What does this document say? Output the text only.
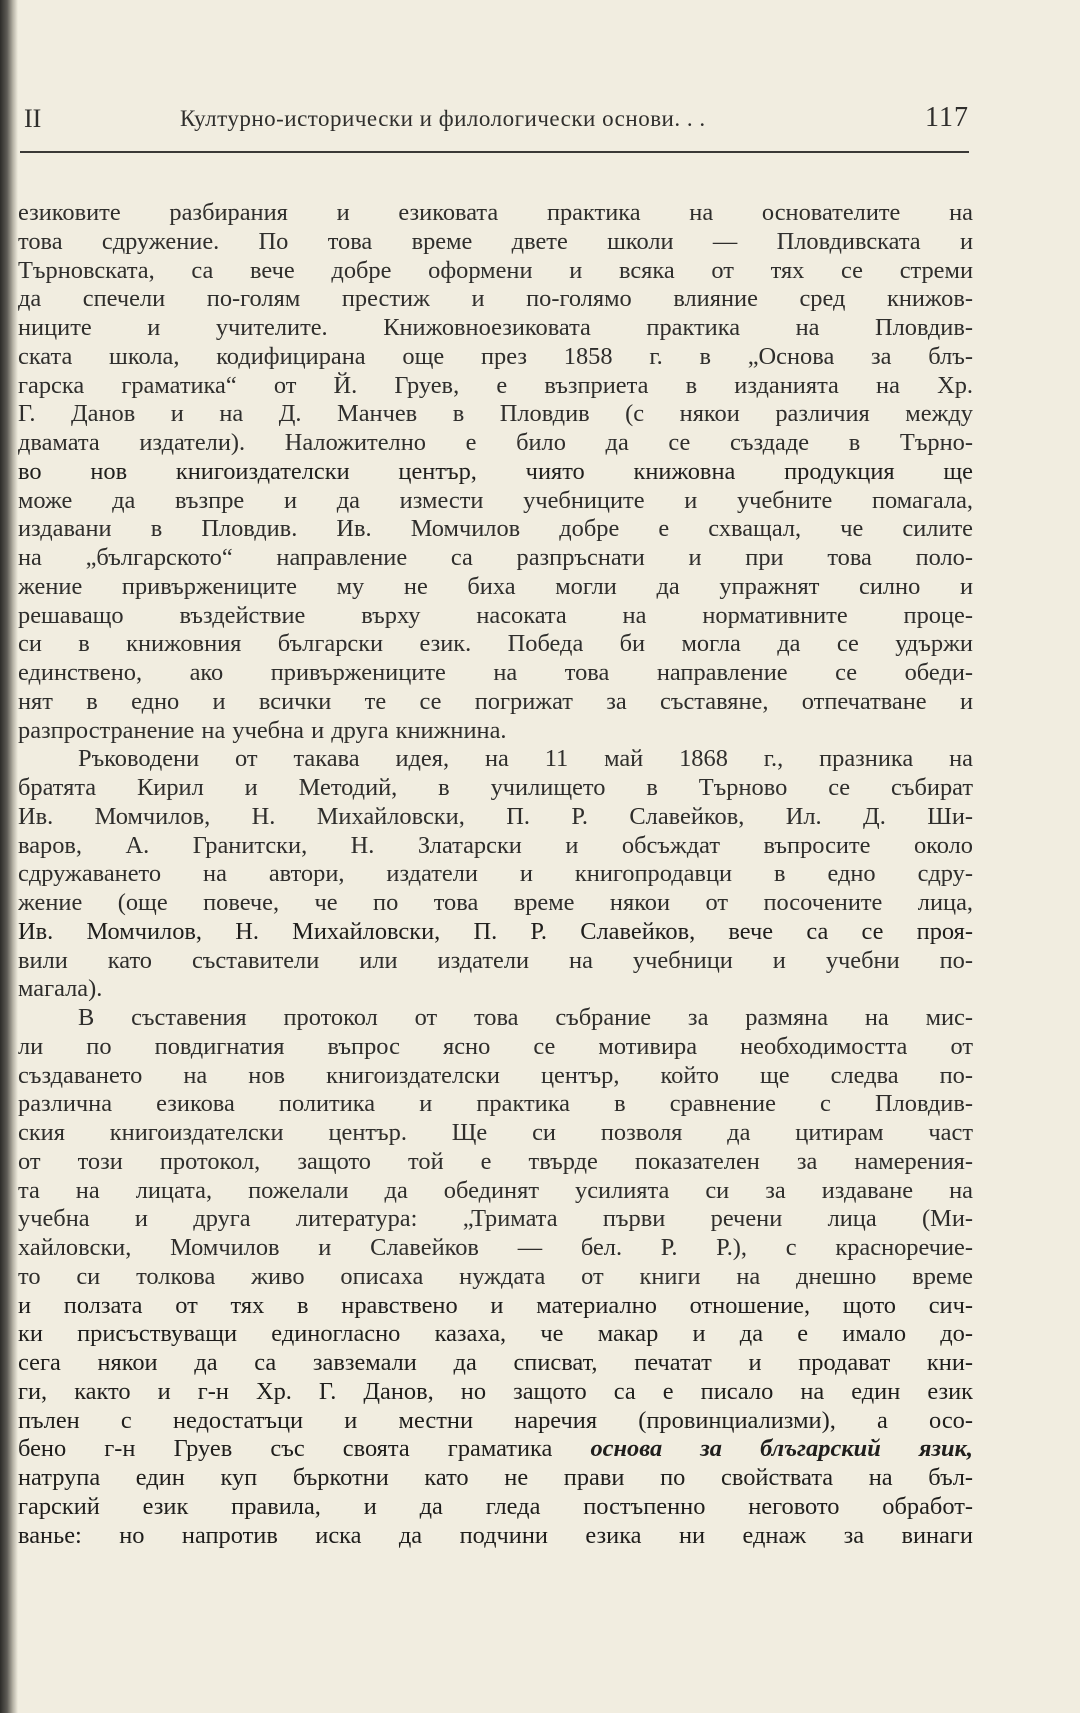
II	Културно-исторически и филологически основи. . .	117
езиковите разбирания и езиковата практика на основателите на
това сдружение. По това време двете школи — Пловдивската и
Търновската, са вече добре оформени и всяка от тях се стреми
да спечели по-голям престиж и по-голямо влияние сред книжов-
ниците и учителите. Книжовноезиковата практика на Пловдив-
ската школа, кодифицирана още през 1858 г. в „Основа за блъ-
гарска граматика“ от Й. Груев, е възприета в изданията на Хр.
Г. Данов и на Д. Манчев в Пловдив (с някои различия между
двамата издатели). Наложително е било да се създаде в Търно-
во нов книгоиздателски център, чиято книжовна продукция ще
може да възпре и да измести учебниците и учебните помагала,
издавани в Пловдив. Ив. Момчилов добре е схващал, че силите
на „българското“ направление са разпръснати и при това поло-
жение привържениците му не биха могли да упражнят силно и
решаващо въздействие върху насоката на нормативните проце-
си в книжовния български език. Победа би могла да се удържи
единствено, ако привържениците на това направление се обеди-
нят в едно и всички те се погрижат за съставяне, отпечатване и
разпространение на учебна и друга книжнина.
Ръководени от такава идея, на 11 май 1868 г., празника на
братята Кирил и Методий, в училището в Търново се събират
Ив. Момчилов, Н. Михайловски, П. Р. Славейков, Ил. Д. Ши-
варов, А. Гранитски, Н. Златарски и обсъждат въпросите около
сдружаването на автори, издатели и книгопродавци в едно сдру-
жение (още повече, че по това време някои от посочените лица,
Ив. Момчилов, Н. Михайловски, П. Р. Славейков, вече са се проя-
вили като съставители или издатели на учебници и учебни по-
магала).
В съставения протокол от това събрание за размяна на мис-
ли по повдигнатия въпрос ясно се мотивира необходимостта от
създаването на нов книгоиздателски център, който ще следва по-
различна езикова политика и практика в сравнение с Пловдив-
ския книгоиздателски център. Ще си позволя да цитирам част
от този протокол, защото той е твърде показателен за намерения-
та на лицата, пожелали да обединят усилията си за издаване на
учебна и друга литература: „Тримата първи речени лица (Ми-
хайловски, Момчилов и Славейков — бел. Р. Р.), с красноречие-
то си толкова живо описаха нуждата от книги на днешно време
и ползата от тях в нравствено и материално отношение, щото сич-
ки присъствуващи единогласно казаха, че макар и да е имало до-
сега някои да са завземали да списват, печатат и продават кни-
ги, както и г-н Хр. Г. Данов, но защото са е писало на един език
пълен с недостатъци и местни наречия (провинциализми), а осо-
бено г-н Груев със своята граматика основа за блъгарский язик,
натрупа един куп бъркотни като не прави по свойствата на бъл-
гарский език правила, и да гледа постъпенно неговото обработ-
ванье: но напротив иска да подчини езика ни еднаж за винаги
